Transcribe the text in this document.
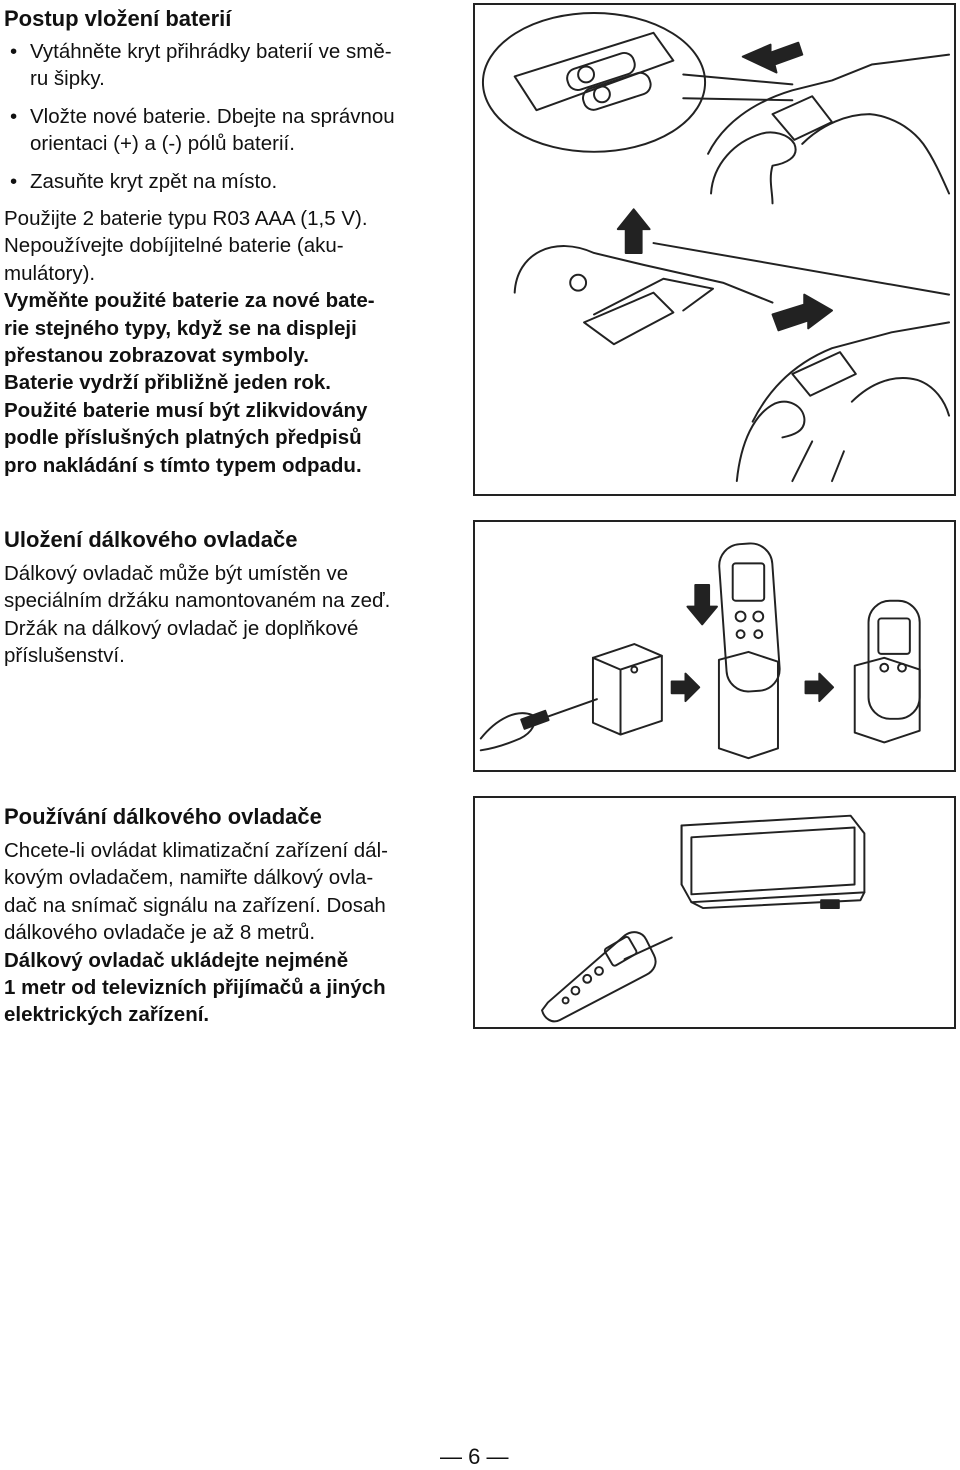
Postup vložení baterií
• Vytáhněte kryt přihrádky baterií ve smě-
ru šipky.
• Vložte nové baterie. Dbejte na správnou
orientaci (+) a (-) pólů baterií.
• Zasuňte kryt zpět na místo.

Použijte 2 baterie typu R03 AAA (1,5 V).
Nepoužívejte dobíjitelné baterie (aku-
mulátory).
Vyměňte použité baterie za nové bate-
rie stejného typy, když se na displeji
přestanou zobrazovat symboly.
Baterie vydrží přibližně jeden rok.
Použité baterie musí být zlikvidovány
podle příslušných platných předpisů
pro nakládání s tímto typem odpadu.

Uložení dálkového ovladače

Dálkový ovladač může být umístěn ve
speciálním držáku namontovaném na zeď.
Držák na dálkový ovladač je doplňkové
příslušenství.

Používání dálkového ovladače

Chcete-li ovládat klimatizační zařízení dál-
kovým ovladačem, namiřte dálkový ovla-
dač na snímač signálu na zařízení. Dosah
dálkového ovladače je až 8 metrů.
Dálkový ovladač ukládejte nejméně
1 metr od televizních přijímačů a jiných
elektrických zařízení.

— 6 —
